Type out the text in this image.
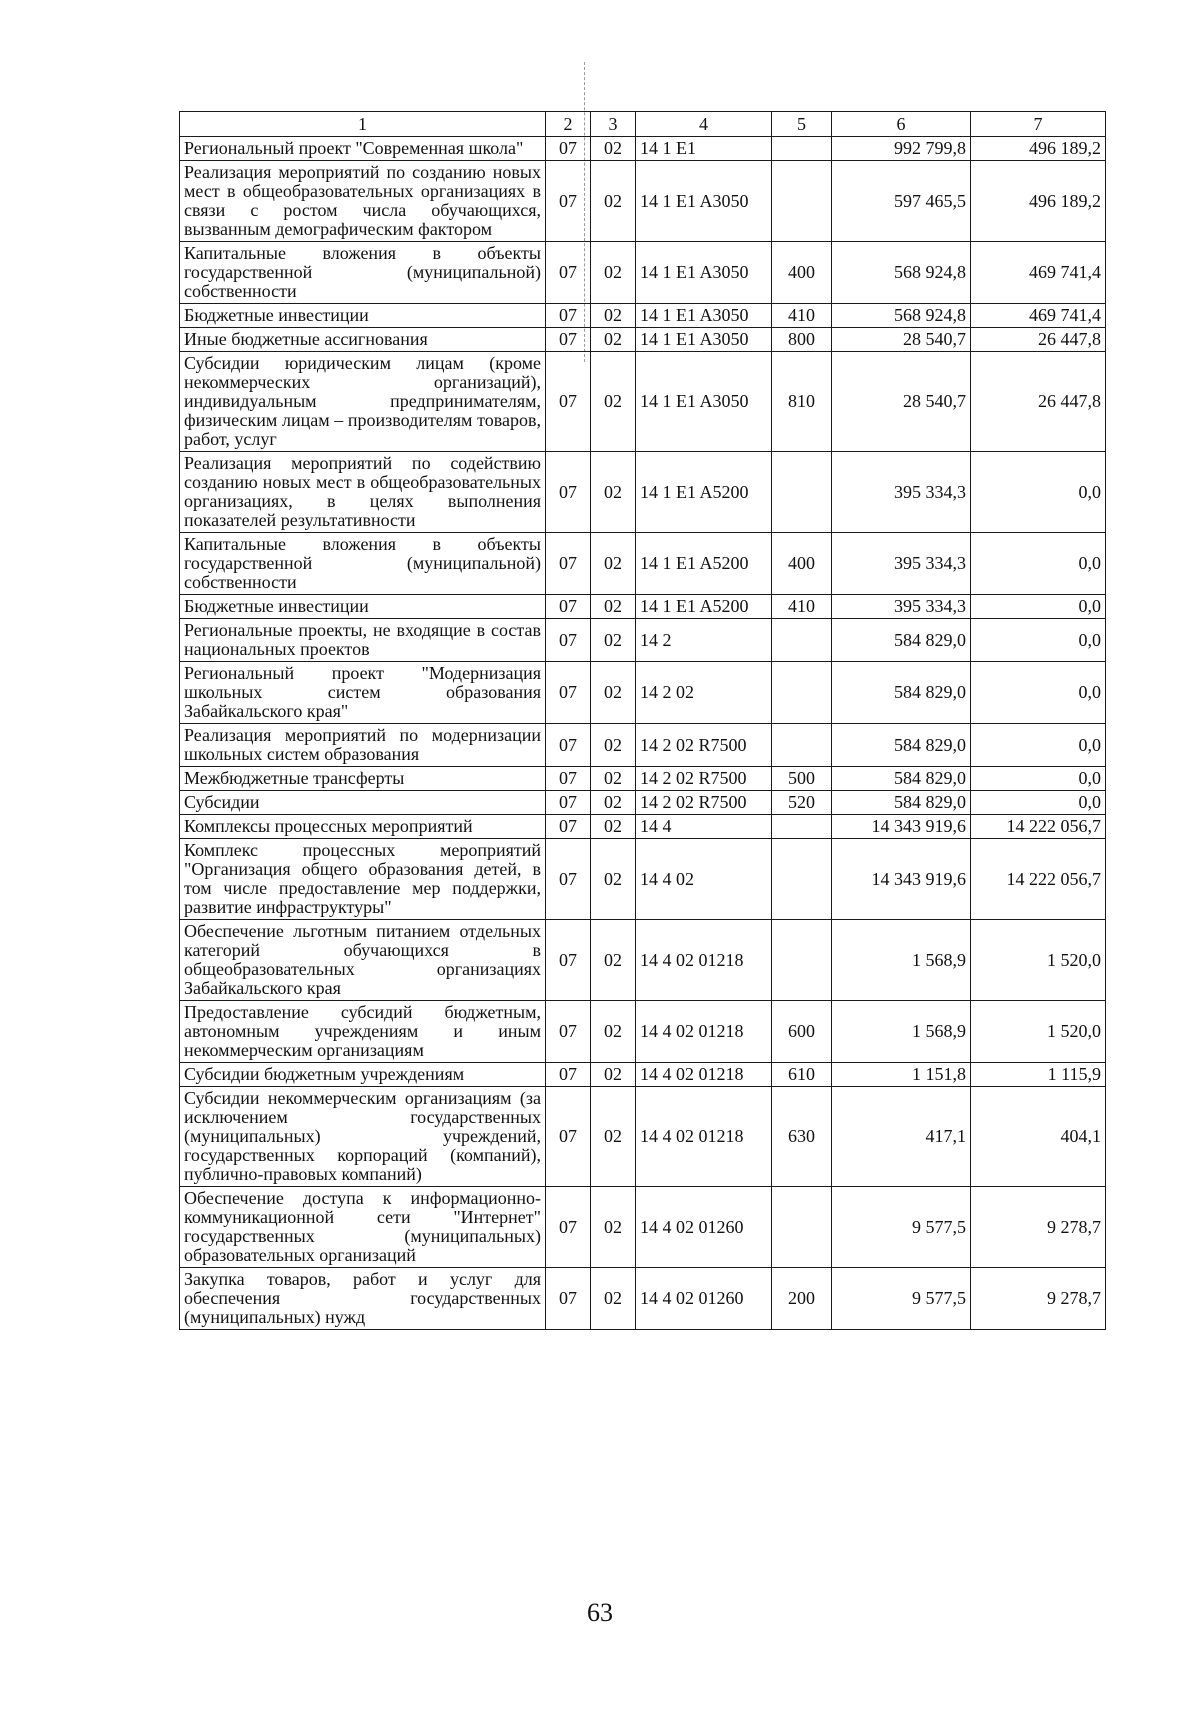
1	2	3	4	5	6	7
Региональный проект "Современная школа"	07	02	14 1 E1		992 799,8	496 189,2
Реализация мероприятий по созданию новых мест в общеобразовательных организациях в связи с ростом числа обучающихся, вызванным демографическим фактором	07	02	14 1 E1 A3050		597 465,5	496 189,2
Капитальные вложения в объекты государственной (муниципальной) собственности	07	02	14 1 E1 A3050	400	568 924,8	469 741,4
Бюджетные инвестиции	07	02	14 1 E1 A3050	410	568 924,8	469 741,4
Иные бюджетные ассигнования	07	02	14 1 E1 A3050	800	28 540,7	26 447,8
Субсидии юридическим лицам (кроме некоммерческих организаций), индивидуальным предпринимателям, физическим лицам – производителям товаров, работ, услуг	07	02	14 1 E1 A3050	810	28 540,7	26 447,8
Реализация мероприятий по содействию созданию новых мест в общеобразовательных организациях, в целях выполнения показателей результативности	07	02	14 1 E1 A5200		395 334,3	0,0
Капитальные вложения в объекты государственной (муниципальной) собственности	07	02	14 1 E1 A5200	400	395 334,3	0,0
Бюджетные инвестиции	07	02	14 1 E1 A5200	410	395 334,3	0,0
Региональные проекты, не входящие в состав национальных проектов	07	02	14 2		584 829,0	0,0
Региональный проект "Модернизация школьных систем образования Забайкальского края"	07	02	14 2 02		584 829,0	0,0
Реализация мероприятий по модернизации школьных систем образования	07	02	14 2 02 R7500		584 829,0	0,0
Межбюджетные трансферты	07	02	14 2 02 R7500	500	584 829,0	0,0
Субсидии	07	02	14 2 02 R7500	520	584 829,0	0,0
Комплексы процессных мероприятий	07	02	14 4		14 343 919,6	14 222 056,7
Комплекс процессных мероприятий "Организация общего образования детей, в том числе предоставление мер поддержки, развитие инфраструктуры"	07	02	14 4 02		14 343 919,6	14 222 056,7
Обеспечение льготным питанием отдельных категорий обучающихся в общеобразовательных организациях Забайкальского края	07	02	14 4 02 01218		1 568,9	1 520,0
Предоставление субсидий бюджетным, автономным учреждениям и иным некоммерческим организациям	07	02	14 4 02 01218	600	1 568,9	1 520,0
Субсидии бюджетным учреждениям	07	02	14 4 02 01218	610	1 151,8	1 115,9
Субсидии некоммерческим организациям (за исключением государственных (муниципальных) учреждений, государственных корпораций (компаний), публично-правовых компаний)	07	02	14 4 02 01218	630	417,1	404,1
Обеспечение доступа к информационно-коммуникационной сети "Интернет" государственных (муниципальных) образовательных организаций	07	02	14 4 02 01260		9 577,5	9 278,7
Закупка товаров, работ и услуг для обеспечения государственных (муниципальных) нужд	07	02	14 4 02 01260	200	9 577,5	9 278,7
63
